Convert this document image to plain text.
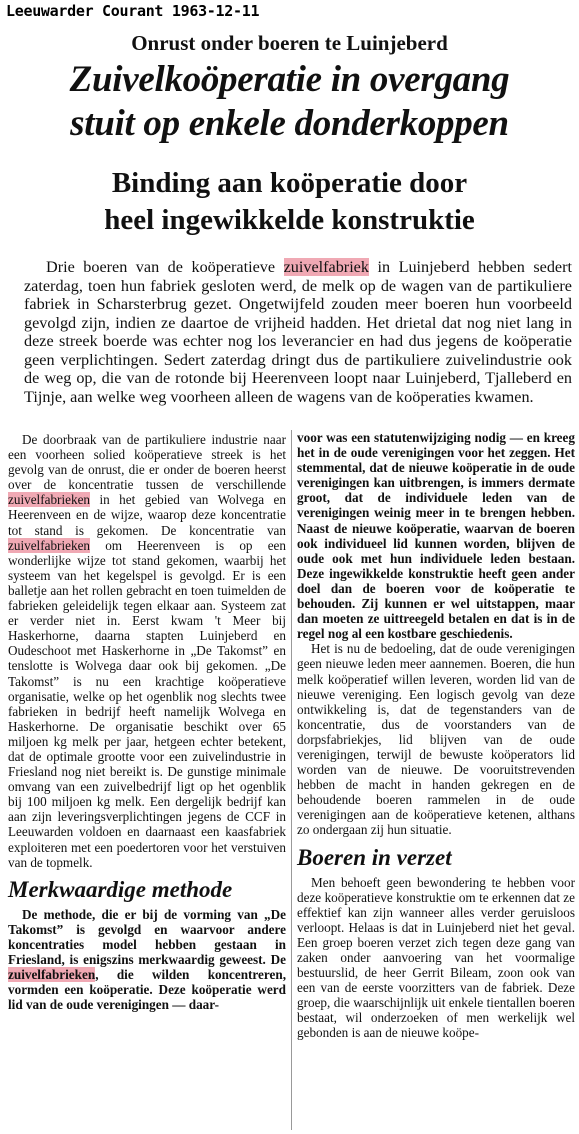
Leeuwarder Courant 1963-12-11
Onrust onder boeren te Luinjeberd
Zuivelkoöperatie in overgang
stuit op enkele donderkoppen
Binding aan koöperatie door
heel ingewikkelde konstruktie
Drie boeren van de koöperatieve zuivelfabriek in Luinjeberd hebben sedert zaterdag, toen hun fabriek gesloten werd, de melk op de wagen van de partikuliere fabriek in Scharsterbrug gezet. Ongetwijfeld zouden meer boeren hun voorbeeld gevolgd zijn, indien ze daartoe de vrijheid hadden. Het drietal dat nog niet lang in deze streek boerde was echter nog los leverancier en had dus jegens de koöperatie geen verplichtingen. Sedert zaterdag dringt dus de partikuliere zuivelindustrie ook de weg op, die van de rotonde bij Heerenveen loopt naar Luinjeberd, Tjalleberd en Tijnje, aan welke weg voorheen alleen de wagens van de koöperaties kwamen.

De doorbraak van de partikuliere industrie naar een voorheen solied koöperatieve streek is het gevolg van de onrust, die er onder de boeren heerst over de koncentratie tussen de verschillende zuivelfabrieken in het gebied van Wolvega en Heerenveen en de wijze, waarop deze koncentratie tot stand is gekomen. De koncentratie van zuivelfabrieken om Heerenveen is op een wonderlijke wijze tot stand gekomen, waarbij het systeem van het kegelspel is gevolgd. Er is een balletje aan het rollen gebracht en toen tuimelden de fabrieken geleidelijk tegen elkaar aan. Systeem zat er verder niet in. Eerst kwam 't Meer bij Haskerhorne, daarna stapten Luinjeberd en Oudeschoot met Haskerhorne in „De Takomst” en tenslotte is Wolvega daar ook bij gekomen. „De Takomst” is nu een krachtige koöperatieve organisatie, welke op het ogenblik nog slechts twee fabrieken in bedrijf heeft namelijk Wolvega en Haskerhorne. De organisatie beschikt over 65 miljoen kg melk per jaar, hetgeen echter betekent, dat de optimale grootte voor een zuivelindustrie in Friesland nog niet bereikt is. De gunstige minimale omvang van een zuivelbedrijf ligt op het ogenblik bij 100 miljoen kg melk. Een dergelijk bedrijf kan aan zijn leveringsverplichtingen jegens de CCF in Leeuwarden voldoen en daarnaast een kaasfabriek exploiteren met een poedertoren voor het verstuiven van de topmelk.

Merkwaardige methode

De methode, die er bij de vorming van „De Takomst” is gevolgd en waarvoor andere koncentraties model hebben gestaan in Friesland, is enigszins merkwaardig geweest. De zuivelfabrieken, die wilden koncentreren, vormden een koöperatie. Deze koöperatie werd lid van de oude verenigingen — daar-

voor was een statutenwijziging nodig — en kreeg het in de oude verenigingen voor het zeggen. Het stemmental, dat de nieuwe koöperatie in de oude verenigingen kan uitbrengen, is immers dermate groot, dat de individuele leden van de verenigingen weinig meer in te brengen hebben. Naast de nieuwe koöperatie, waarvan de boeren ook individueel lid kunnen worden, blijven de oude ook met hun individuele leden bestaan. Deze ingewikkelde konstruktie heeft geen ander doel dan de boeren voor de koöperatie te behouden. Zij kunnen er wel uitstappen, maar dan moeten ze uittreegeld betalen en dat is in de regel nog al een kostbare geschiedenis.

Het is nu de bedoeling, dat de oude verenigingen geen nieuwe leden meer aannemen. Boeren, die hun melk koöperatief willen leveren, worden lid van de nieuwe vereniging. Een logisch gevolg van deze ontwikkeling is, dat de tegenstanders van de koncentratie, dus de voorstanders van de dorpsfabriekjes, lid blijven van de oude verenigingen, terwijl de bewuste koöperators lid worden van de nieuwe. De vooruitstrevenden hebben de macht in handen gekregen en de behoudende boeren rammelen in de oude verenigingen aan de koöperatieve ketenen, althans zo ondergaan zij hun situatie.

Boeren in verzet

Men behoeft geen bewondering te hebben voor deze koöperatieve konstruktie om te erkennen dat ze effektief kan zijn wanneer alles verder geruisloos verloopt. Helaas is dat in Luinjeberd niet het geval. Een groep boeren verzet zich tegen deze gang van zaken onder aanvoering van het voormalige bestuurslid, de heer Gerrit Bileam, zoon ook van een van de eerste voorzitters van de fabriek. Deze groep, die waarschijnlijk uit enkele tientallen boeren bestaat, wil onderzoeken of men werkelijk wel gebonden is aan de nieuwe koöpe-
